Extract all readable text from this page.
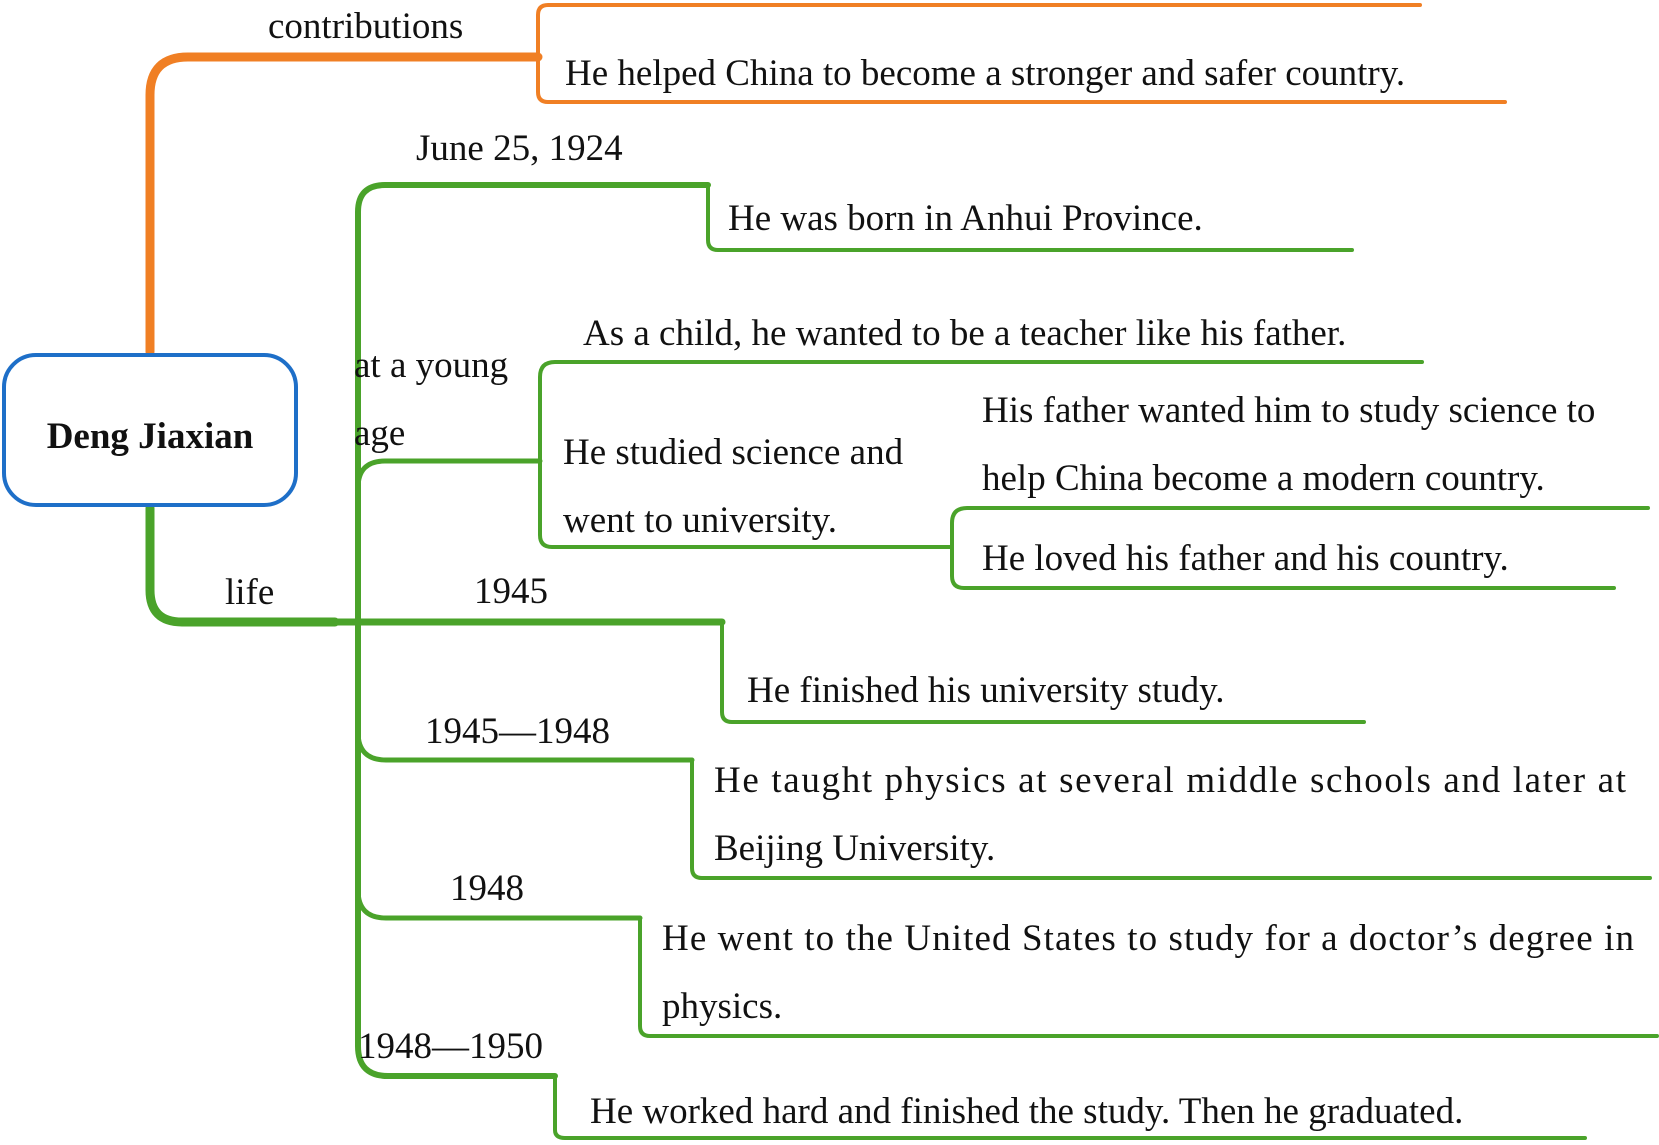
Deng Jiaxian
contributions
He helped China to become a stronger and safer country.
life
June 25, 1924
He was born in Anhui Province.
at a young
age
As a child, he wanted to be a teacher like his father.
He studied science and
went to university.
His father wanted him to study science to
help China become a modern country.
He loved his father and his country.
1945
He finished his university study.
1945—1948
He taught physics at several middle schools and later at
Beijing University.
1948
He went to the United States to study for a doctor’s degree in
physics.
1948—1950
He worked hard and finished the study. Then he graduated.
